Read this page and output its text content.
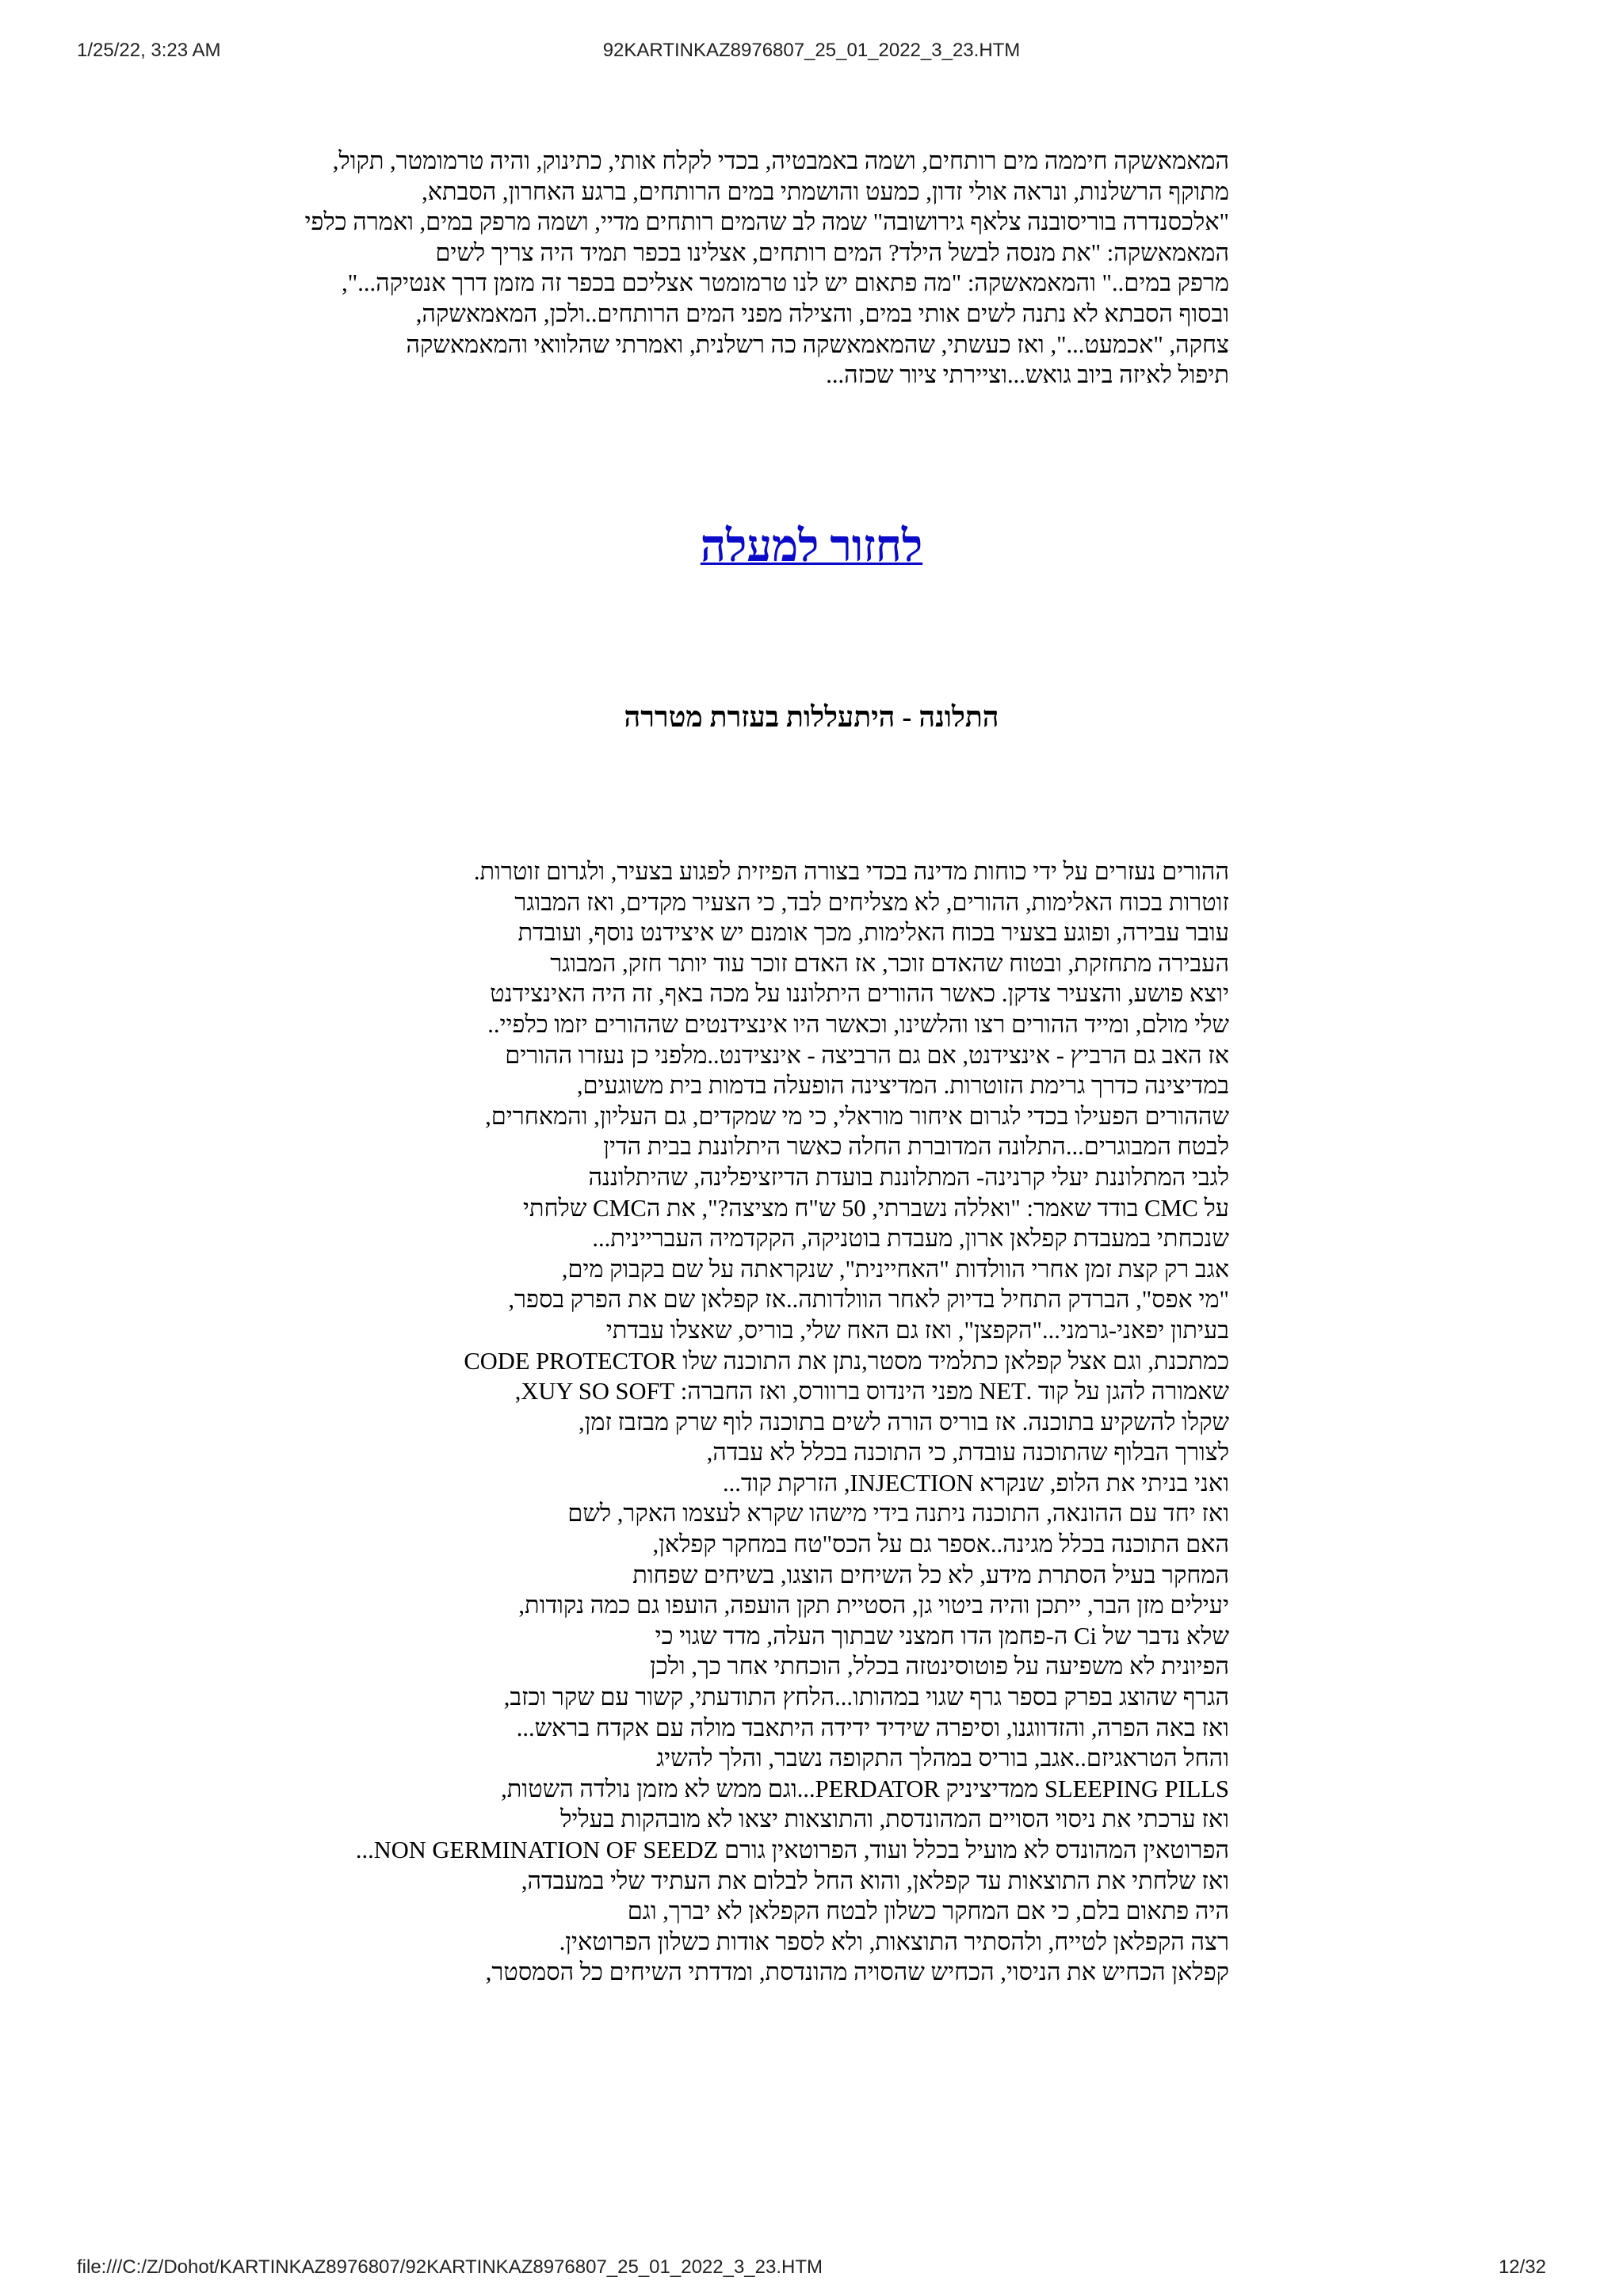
1/25/22, 3:23 AM	92KARTINKAZ8976807_25_01_2022_3_23.HTM
המאמאשקה חיממה מים רותחים, ושמה באמבטיה, בכדי לקלח אותי, כתינוק, והיה טרמומטר, תקול,
מתוקף הרשלנות, ונראה אולי זדון, כמעט והושמתי במים הרותחים, ברגע האחרון, הסבתא,
"אלכסנדרה בוריסובנה צלאף גירושובה" שמה לב שהמים רותחים מדיי, ושמה מרפק במים, ואמרה כלפי
המאמאשקה: "את מנסה לבשל הילד? המים רותחים, אצלינו בכפר תמיד היה צריך לשים
מרפק במים.." והמאמאשקה: "מה פתאום יש לנו טרמומטר אצליכם בכפר זה מזמן דרך אנטיקה...",
ובסוף הסבתא לא נתנה לשים אותי במים, והצילה מפני המים הרותחים..ולכן, המאמאשקה,
צחקה, "אכמעט...", ואז כעשתי, שהמאמאשקה כה רשלנית, ואמרתי שהלוואי והמאמאשקה
תיפול לאיזה ביוב גואש...וציירתי ציור שכזה...
לחזור למעלה
התלונה - היתעללות בעזרת מטררה
ההורים נעזרים על ידי כוחות מדינה בכדי בצורה הפיזית לפגוע בצעיר, ולגרום זוטרות.
זוטרות בכוח האלימות, ההורים, לא מצליחים לבד, כי הצעיר מקדים, ואז המבוגר
עובר עבירה, ופוגע בצעיר בכוח האלימות, מכך אומנם יש איצידנט נוסף, ועובדת
העבירה מתחזקת, ובטוח שהאדם זוכר, אז האדם זוכר עוד יותר חזק, המבוגר
יוצא פושע, והצעיר צדקן. כאשר ההורים היתלוננו על מכה באף, זה היה האינצידנט
שלי מולם, ומייד ההורים רצו והלשינו, וכאשר היו אינצידנטים שההורים יזמו כלפיי..
אז האב גם הרביץ - אינצידנט, אם גם הרביצה - אינצידנט..מלפני כן נעזרו ההורים
במדיצינה כדרך גרימת הזוטרות. המדיצינה הופעלה בדמות בית משוגעים,
שההורים הפעילו בכדי לגרום איחור מוראלי, כי מי שמקדים, גם העליון, והמאחרים,
לבטח המבוגרים...התלונה המדוברת החלה כאשר היתלוננת בבית הדין
לגבי המתלוננת יעלי קרנינה- המתלוננת בועדת הדיזציפלינה, שהיתלוננה
על CMC בודד שאמר: "ואללה נשברתי, 50 ש"ח מציצה?", את הCMC שלחתי
שנכחתי במעבדת קפלאן ארון, מעבדת בוטניקה, הקקדמיה העבריינית...
אגב רק קצת זמן אחרי הוולדות "האחיינית", שנקראתה על שם בקבוק מים,
"מי אפס", הברדק התחיל בדיוק לאחר הוולדותה..אז קפלאן שם את הפרק בספר,
בעיתון יפאני-גרמני..."הקפצן", ואז גם האח שלי, בוריס, שאצלו עבדתי
כמתכנת, וגם אצל קפלאן כתלמיד מסטר,נתן את התוכנה שלו CODE PROTECTOR
שאמורה להגן על קוד .NET מפני הינדוס ברוורס, ואז החברה: XUY SO SOFT,
שקלו להשקיע בתוכנה. אז בוריס הורה לשים בתוכנה לוף שרק מבזבז זמן,
לצורך הבלוף שהתוכנה עובדת, כי התוכנה בכלל לא עבדה,
ואני בניתי את הלופ, שנקרא INJECTION, הזרקת קוד...
ואז יחד עם ההונאה, התוכנה ניתנה בידי מישהו שקרא לעצמו האקר, לשם
האם התוכנה בכלל מגינה..אספר גם על הכס"טח במחקר קפלאן,
המחקר בעיל הסתרת מידע, לא כל השיחים הוצגו, בשיחים שפחות
יעילים מזן הבר, ייתכן והיה ביטוי גן, הסטיית תקן הועפה, הועפו גם כמה נקודות,
שלא נדבר של Ci ה-פחמן הדו חמצני שבתוך העלה, מדד שגוי כי
הפיונית לא משפיעה על פוטוסינטזה בכלל, הוכחתי אחר כך, ולכן
הגרף שהוצג בפרק בספר גרף שגוי במהותו...הלחץ התודעתי, קשור עם שקר וכזב,
ואז באה הפרה, והזדווגנו, וסיפרה שידיד ידידה היתאבד מולה עם אקדח בראש...
והחל הטראגיזם..אגב, בוריס במהלך התקופה נשבר, והלך להשיג
SLEEPING PILLS ממדיציניק PERDATOR...וגם ממש לא מזמן נולדה השטות,
ואז ערכתי את ניסוי הסויים המהונדסת, והתוצאות יצאו לא מובהקות בעליל
הפרוטאין המהונדס לא מועיל בכלל ועוד, הפרוטאין גורם NON GERMINATION OF SEEDZ...
ואז שלחתי את התוצאות עד קפלאן, והוא החל לבלום את העתיד שלי במעבדה,
היה פתאום בלם, כי אם המחקר כשלון לבטח הקפלאן לא יברך, וגם
רצה הקפלאן לטייח, ולהסתיר התוצאות, ולא לספר אודות כשלון הפרוטאין.
קפלאן הכחיש את הניסוי, הכחיש שהסויה מהונדסת, ומדדתי השיחים כל הסמסטר,
file:///C:/Z/Dohot/KARTINKAZ8976807/92KARTINKAZ8976807_25_01_2022_3_23.HTM	12/32
